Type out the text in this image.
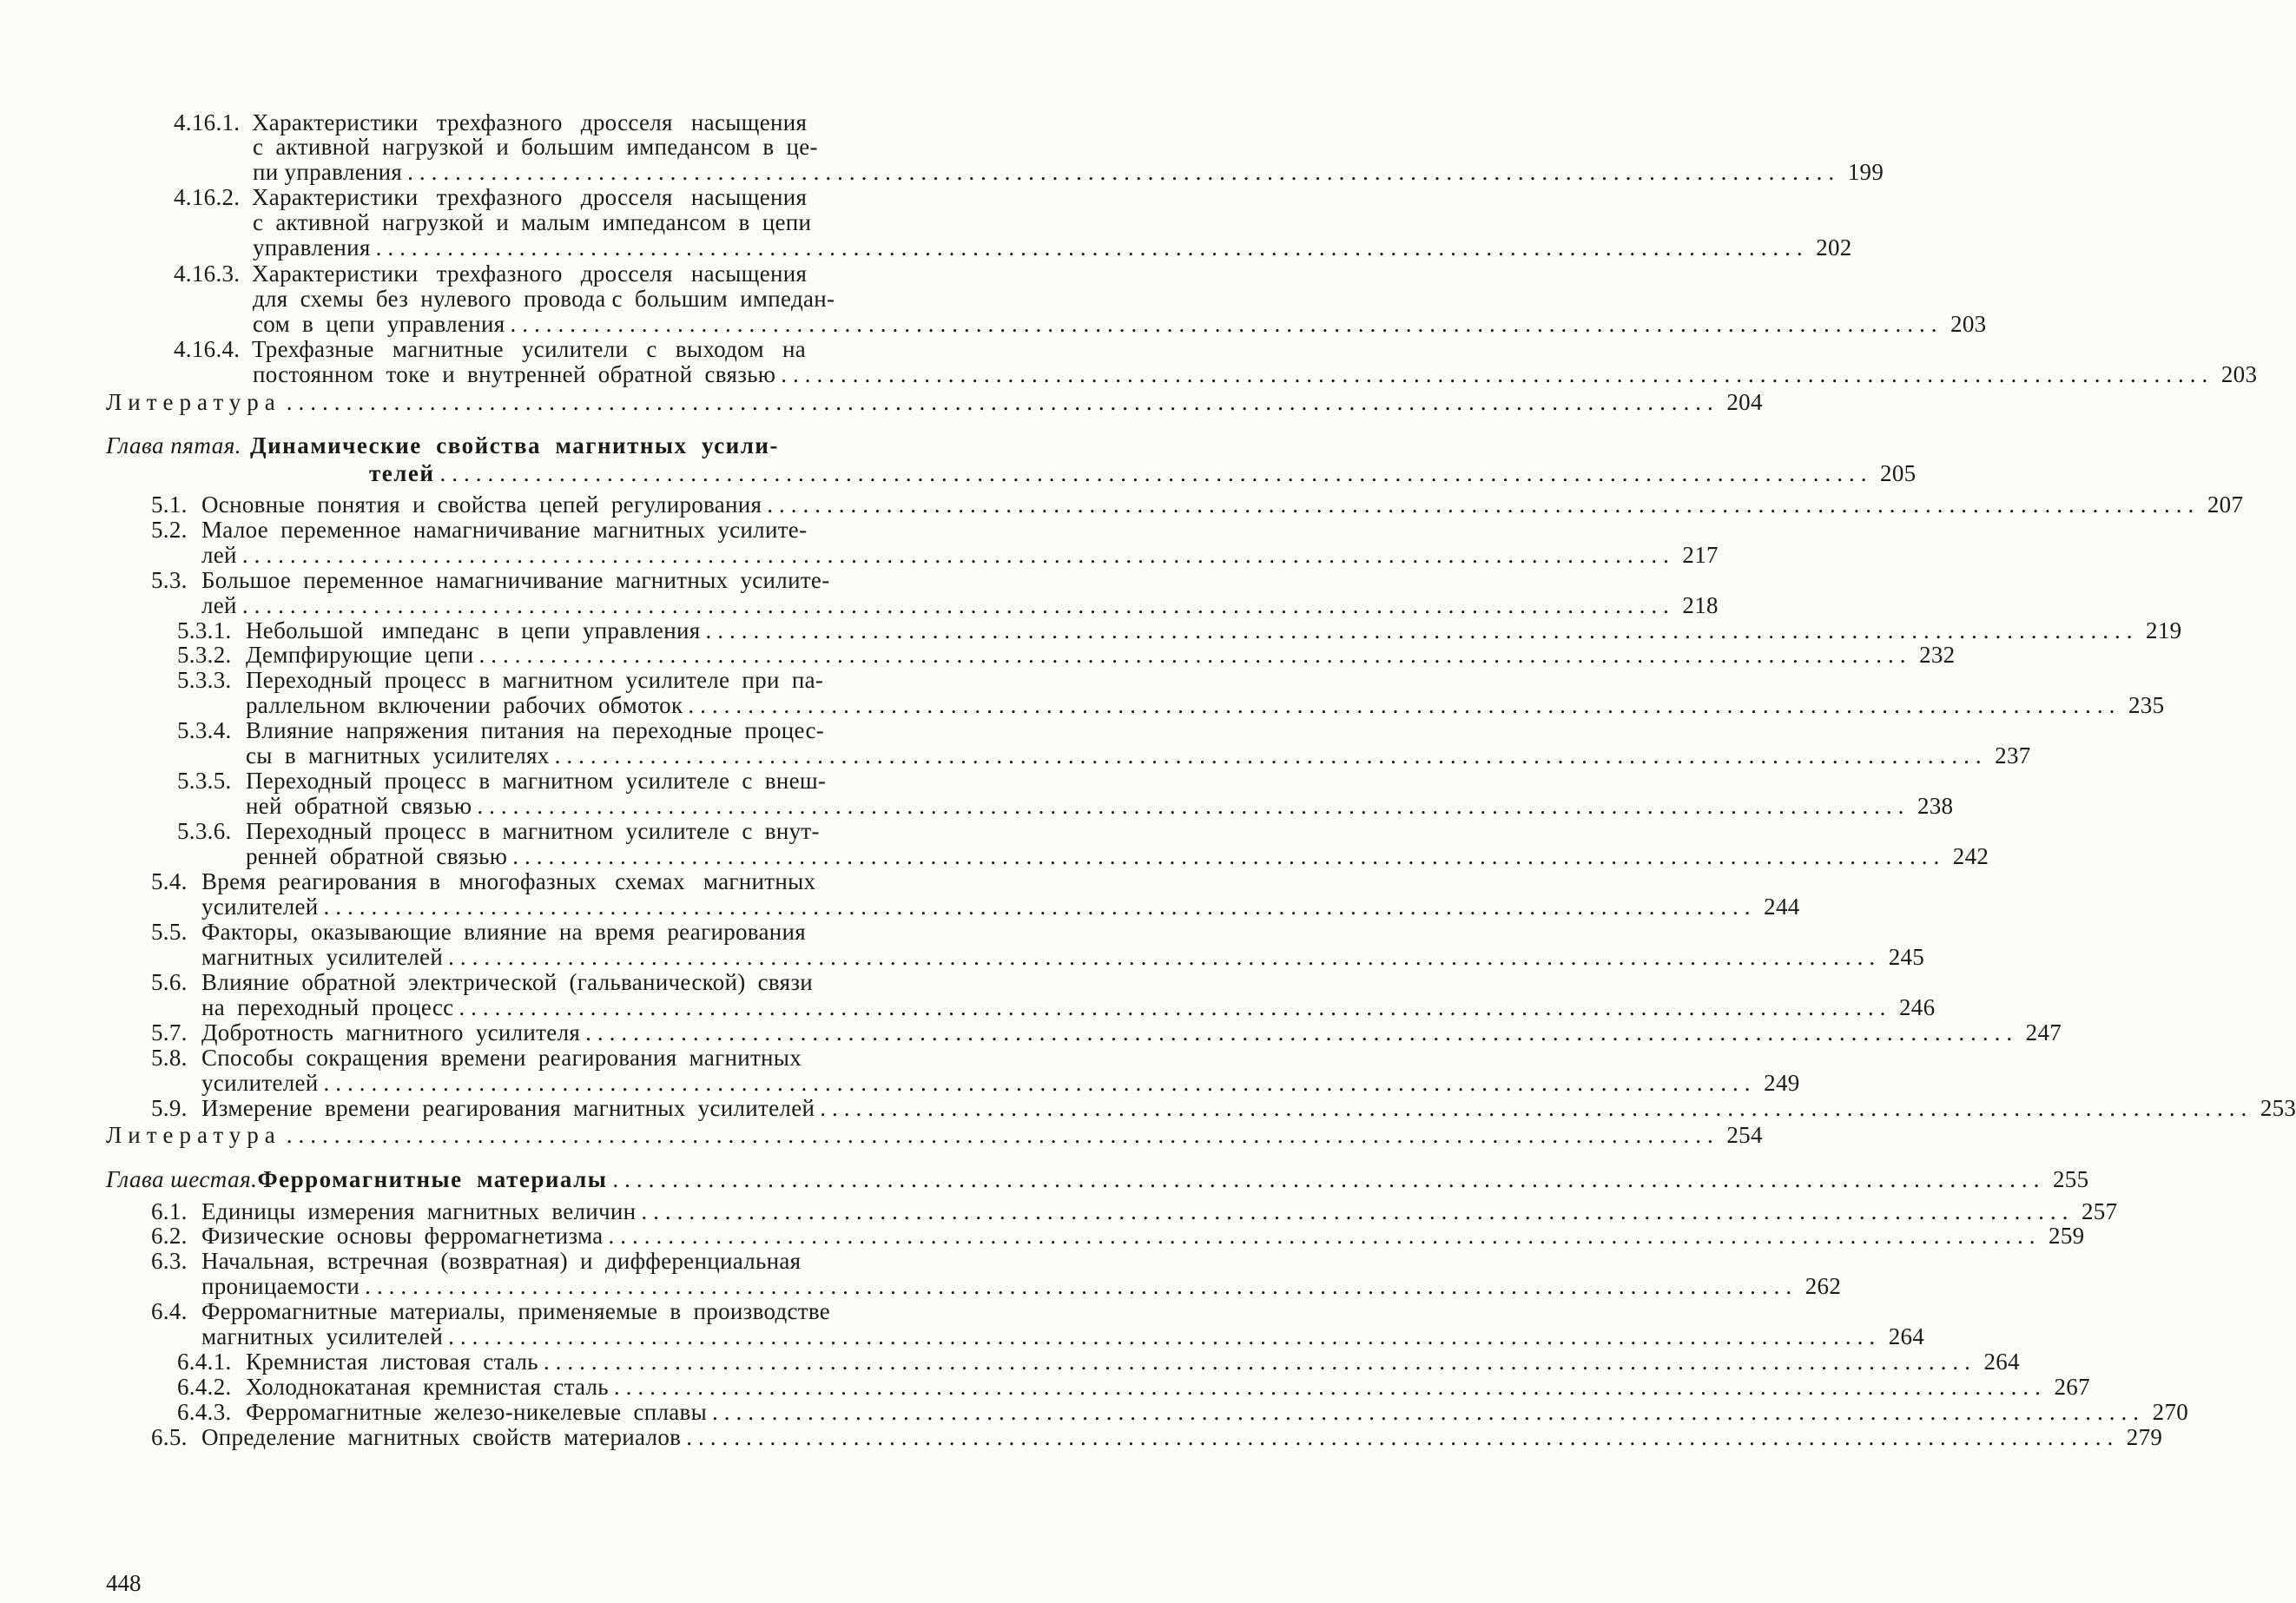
4.16.1. Характеристики   трехфазного   дросселя   насыщения
с  активной  нагрузкой  и  большим  импедансом  в  це-
пи управления ........................................................................................................................ 199
4.16.2. Характеристики   трехфазного   дросселя   насыщения
с  активной  нагрузкой  и  малым  импедансом  в  цепи
управления ........................................................................................................................ 202
4.16.3. Характеристики   трехфазного   дросселя   насыщения
для  схемы  без  нулевого  провода с  большим  импедан-
сом  в  цепи  управления ........................................................................................................................ 203
4.16.4. Трехфазные   магнитные   усилители   с   выходом   на
постоянном  токе  и  внутренней  обратной  связью ........................................................................................................................ 203
Литература ........................................................................................................................ 204
Глава пятая. Динамические  свойства  магнитных  усили-
телей ........................................................................................................................ 205
5.1. Основные  понятия  и  свойства  цепей  регулирования ........................................................................................................................ 207
5.2. Малое  переменное  намагничивание  магнитных  усилите-
лей ........................................................................................................................ 217
5.3. Большое  переменное  намагничивание  магнитных  усилите-
лей ........................................................................................................................ 218
5.3.1. Небольшой   импеданс   в  цепи  управления ........................................................................................................................ 219
5.3.2. Демпфирующие  цепи ........................................................................................................................ 232
5.3.3. Переходный  процесс  в  магнитном  усилителе  при  па-
раллельном  включении  рабочих  обмоток ........................................................................................................................ 235
5.3.4. Влияние  напряжения  питания  на  переходные  процес-
сы  в  магнитных  усилителях ........................................................................................................................ 237
5.3.5. Переходный  процесс  в  магнитном  усилителе  с  внеш-
ней  обратной  связью ........................................................................................................................ 238
5.3.6. Переходный  процесс  в  магнитном  усилителе  с  внут-
ренней  обратной  связью ........................................................................................................................ 242
5.4. Время  реагирования  в   многофазных   схемах   магнитных
усилителей ........................................................................................................................ 244
5.5. Факторы,  оказывающие  влияние  на  время  реагирования
магнитных  усилителей ........................................................................................................................ 245
5.6. Влияние  обратной  электрической  (гальванической)  связи
на  переходный  процесс ........................................................................................................................ 246
5.7. Добротность  магнитного  усилителя ........................................................................................................................ 247
5.8. Способы  сокращения  времени  реагирования  магнитных
усилителей ........................................................................................................................ 249
5.9. Измерение  времени  реагирования  магнитных  усилителей ........................................................................................................................ 253
Литература ........................................................................................................................ 254
Глава шестая. Ферромагнитные  материалы ........................................................................................................................ 255
6.1. Единицы  измерения  магнитных  величин ........................................................................................................................ 257
6.2. Физические  основы  ферромагнетизма ........................................................................................................................ 259
6.3. Начальная,  встречная  (возвратная)  и  дифференциальная
проницаемости ........................................................................................................................ 262
6.4. Ферромагнитные  материалы,  применяемые  в  производстве
магнитных  усилителей ........................................................................................................................ 264
6.4.1. Кремнистая  листовая  сталь ........................................................................................................................ 264
6.4.2. Холоднокатаная  кремнистая  сталь ........................................................................................................................ 267
6.4.3. Ферромагнитные  железо-никелевые  сплавы ........................................................................................................................ 270
6.5. Определение  магнитных  свойств  материалов ........................................................................................................................ 279
448
